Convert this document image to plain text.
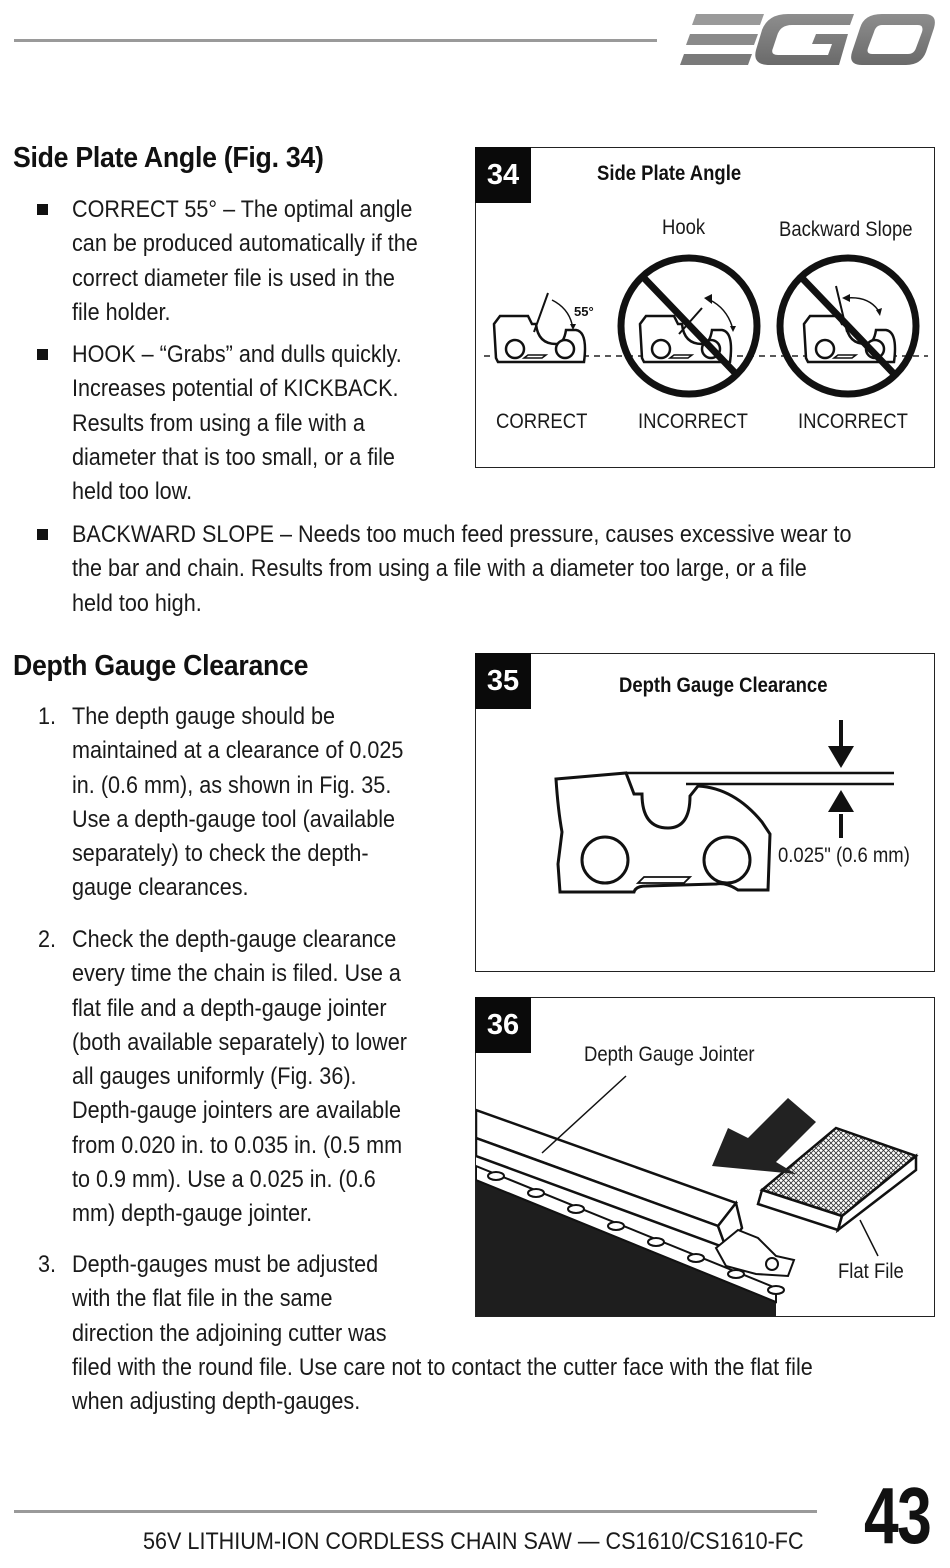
Side Plate Angle (Fig. 34)
CORRECT 55° – The optimal angle
can be produced automatically if the
correct diameter file is used in the
file holder.
HOOK – “Grabs” and dulls quickly.
Increases potential of KICKBACK.
Results from using a file with a
diameter that is too small, or a file
held too low.
BACKWARD SLOPE – Needs too much feed pressure, causes excessive wear to
the bar and chain. Results from using a file with a diameter too large, or a file
held too high.
34	Side Plate Angle
Hook	Backward Slope
55°
CORRECT INCORRECT INCORRECT
Depth Gauge Clearance
1. The depth gauge should be
maintained at a clearance of 0.025
in. (0.6 mm), as shown in Fig. 35.
Use a depth-gauge tool (available
separately) to check the depth-
gauge clearances.
2. Check the depth-gauge clearance
every time the chain is filed. Use a
flat file and a depth-gauge jointer
(both available separately) to lower
all gauges uniformly (Fig. 36).
Depth-gauge jointers are available
from 0.020 in. to 0.035 in. (0.5 mm
to 0.9 mm). Use a 0.025 in. (0.6
mm) depth-gauge jointer.
3. Depth-gauges must be adjusted
with the flat file in the same
direction the adjoining cutter was
filed with the round file. Use care not to contact the cutter face with the flat file
when adjusting depth-gauges.
35	Depth Gauge Clearance
0.025" (0.6 mm)
36
Depth Gauge Jointer
Flat File
56V LITHIUM-ION CORDLESS CHAIN SAW — CS1610/CS1610-FC 43
